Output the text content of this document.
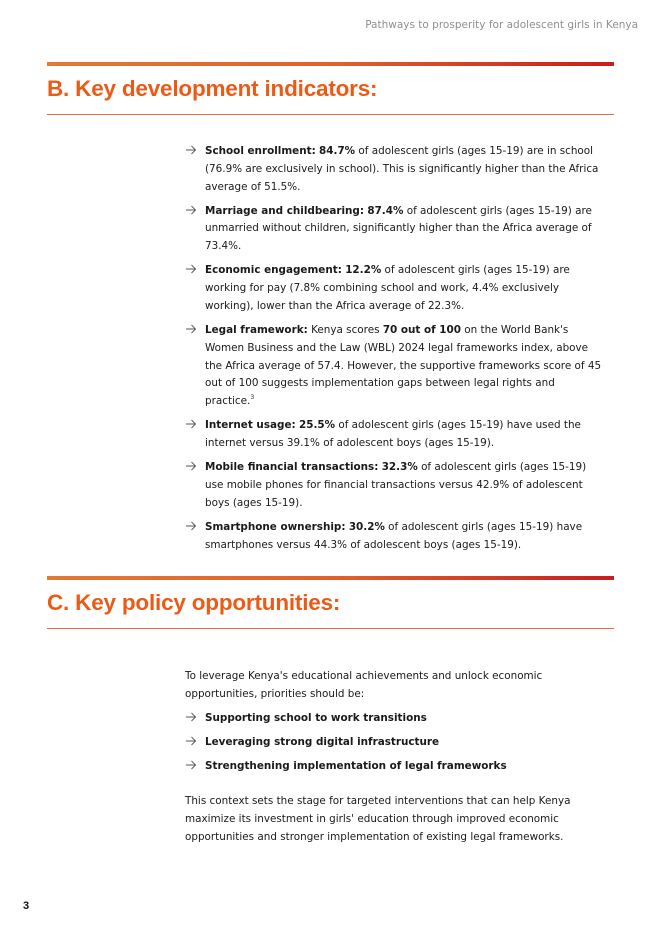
Pathways to prosperity for adolescent girls in Kenya
B. Key development indicators:
School enrollment: 84.7% of adolescent girls (ages 15-19) are in school (76.9% are exclusively in school). This is significantly higher than the Africa average of 51.5%.
Marriage and childbearing: 87.4% of adolescent girls (ages 15-19) are unmarried without children, significantly higher than the Africa average of 73.4%.
Economic engagement: 12.2% of adolescent girls (ages 15-19) are working for pay (7.8% combining school and work, 4.4% exclusively working), lower than the Africa average of 22.3%.
Legal framework: Kenya scores 70 out of 100 on the World Bank's Women Business and the Law (WBL) 2024 legal frameworks index, above the Africa average of 57.4. However, the supportive frameworks score of 45 out of 100 suggests implementation gaps between legal rights and practice.$^3$
Internet usage: 25.5% of adolescent girls (ages 15-19) have used the internet versus 39.1% of adolescent boys (ages 15-19).
Mobile financial transactions: 32.3% of adolescent girls (ages 15-19) use mobile phones for financial transactions versus 42.9% of adolescent boys (ages 15-19).
Smartphone ownership: 30.2% of adolescent girls (ages 15-19) have smartphones versus 44.3% of adolescent boys (ages 15-19).
C. Key policy opportunities:

To leverage Kenya's educational achievements and unlock economic opportunities, priorities should be:

Supporting school to work transitions
Leveraging strong digital infrastructure
Strengthening implementation of legal frameworks

This context sets the stage for targeted interventions that can help Kenya maximize its investment in girls' education through improved economic opportunities and stronger implementation of existing legal frameworks.

3
